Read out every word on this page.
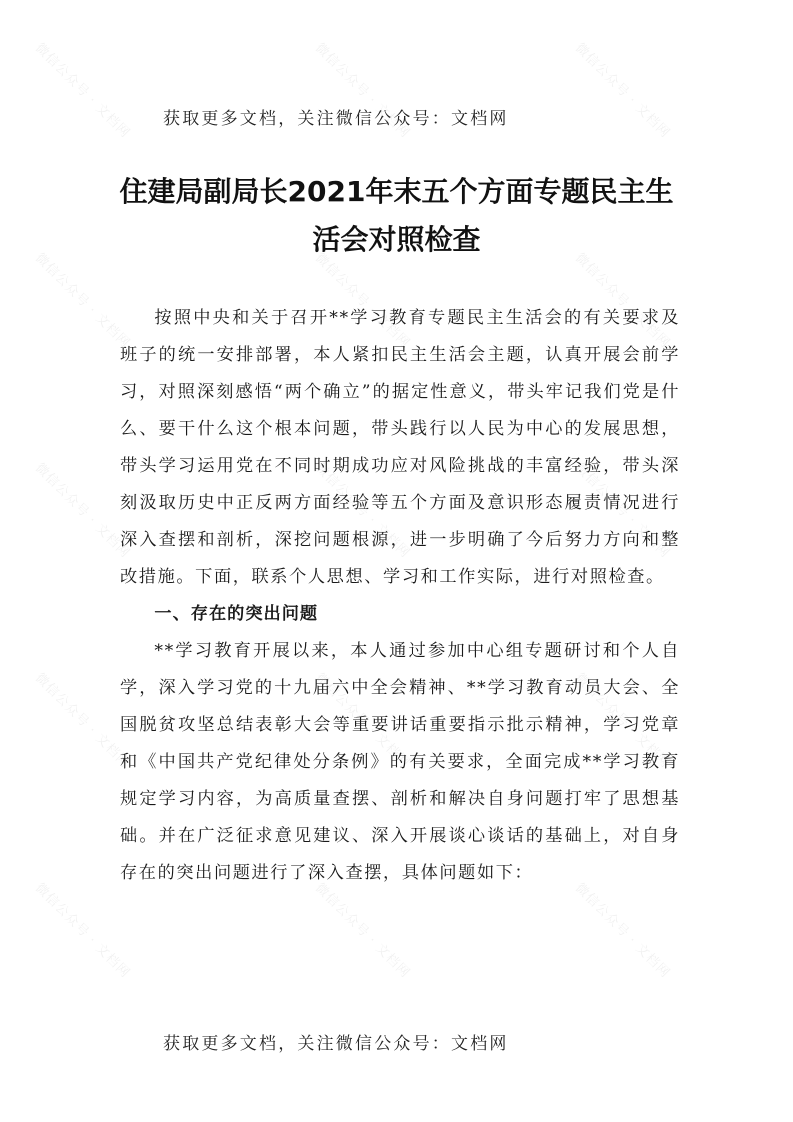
微信公众号 · 文档网	微信公众号 · 文档网	微信公众号 · 文档网
微信公众号 · 文档网	微信公众号 · 文档网	微信公众号 · 文档网
微信公众号 · 文档网	微信公众号 · 文档网	微信公众号 · 文档网
微信公众号 · 文档网	微信公众号 · 文档网	微信公众号 · 文档网
微信公众号 · 文档网	微信公众号 · 文档网	微信公众号 · 文档网
获取更多文档，关注微信公众号：文档网
住建局副局长2021年末五个方面专题民主生活会对照检查

按照中央和关于召开**学习教育专题民主生活会的有关要求及班子的统一安排部署，本人紧扣民主生活会主题，认真开展会前学习，对照深刻感悟“两个确立”的据定性意义，带头牢记我们党是什么、要干什么这个根本问题，带头践行以人民为中心的发展思想，带头学习运用党在不同时期成功应对风险挑战的丰富经验，带头深刻汲取历史中正反两方面经验等五个方面及意识形态履责情况进行深入查摆和剖析，深挖问题根源，进一步明确了今后努力方向和整改措施。下面，联系个人思想、学习和工作实际，进行对照检查。

一、存在的突出问题

**学习教育开展以来，本人通过参加中心组专题研讨和个人自学，深入学习党的十九届六中全会精神、**学习教育动员大会、全国脱贫攻坚总结表彰大会等重要讲话重要指示批示精神，学习党章和《中国共产党纪律处分条例》的有关要求，全面完成**学习教育规定学习内容，为高质量查摆、剖析和解决自身问题打牢了思想基础。并在广泛征求意见建议、深入开展谈心谈话的基础上，对自身存在的突出问题进行了深入查摆，具体问题如下：

获取更多文档，关注微信公众号：文档网
